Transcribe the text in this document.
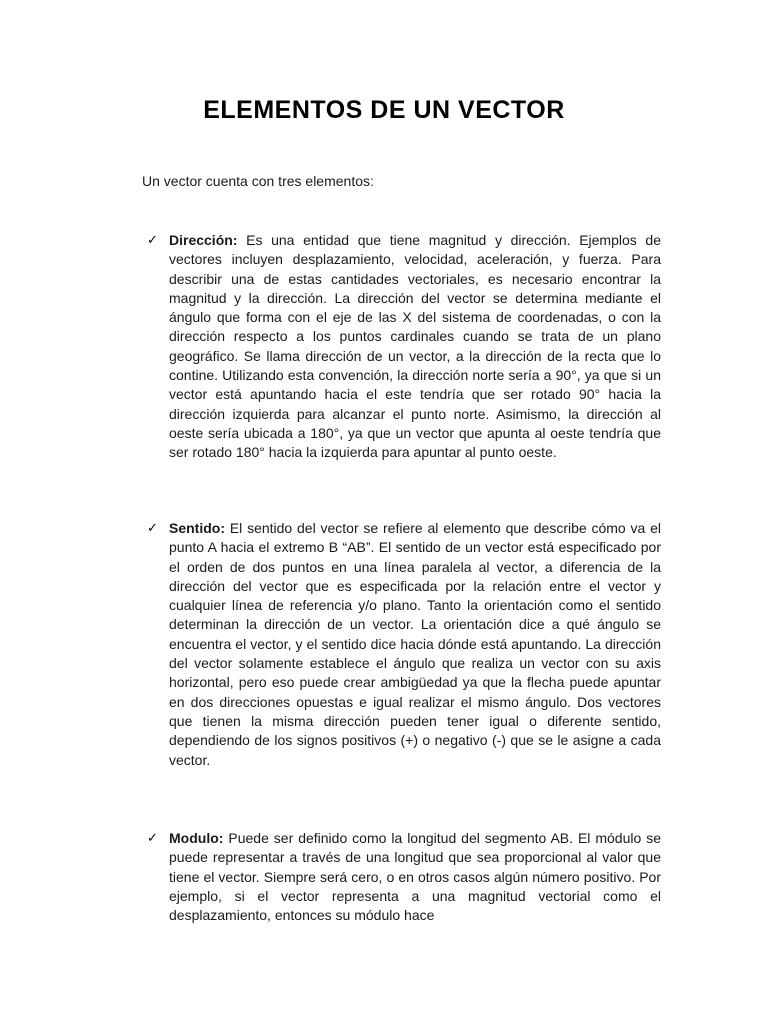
ELEMENTOS DE UN VECTOR

Un vector cuenta con tres elementos:

✓ Dirección: Es una entidad que tiene magnitud y dirección. Ejemplos de vectores incluyen desplazamiento, velocidad, aceleración, y fuerza. Para describir una de estas cantidades vectoriales, es necesario encontrar la magnitud y la dirección. La dirección del vector se determina mediante el ángulo que forma con el eje de las X del sistema de coordenadas, o con la dirección respecto a los puntos cardinales cuando se trata de un plano geográfico. Se llama dirección de un vector, a la dirección de la recta que lo contine. Utilizando esta convención, la dirección norte sería a 90°, ya que si un vector está apuntando hacia el este tendría que ser rotado 90° hacia la dirección izquierda para alcanzar el punto norte. Asimismo, la dirección al oeste sería ubicada a 180°, ya que un vector que apunta al oeste tendría que ser rotado 180° hacia la izquierda para apuntar al punto oeste.

✓ Sentido: El sentido del vector se refiere al elemento que describe cómo va el punto A hacia el extremo B “AB”. El sentido de un vector está especificado por el orden de dos puntos en una línea paralela al vector, a diferencia de la dirección del vector que es especificada por la relación entre el vector y cualquier línea de referencia y/o plano. Tanto la orientación como el sentido determinan la dirección de un vector. La orientación dice a qué ángulo se encuentra el vector, y el sentido dice hacia dónde está apuntando. La dirección del vector solamente establece el ángulo que realiza un vector con su axis horizontal, pero eso puede crear ambigüedad ya que la flecha puede apuntar en dos direcciones opuestas e igual realizar el mismo ángulo. Dos vectores que tienen la misma dirección pueden tener igual o diferente sentido, dependiendo de los signos positivos (+) o negativo (-) que se le asigne a cada vector.

✓ Modulo: Puede ser definido como la longitud del segmento AB. El módulo se puede representar a través de una longitud que sea proporcional al valor que tiene el vector. Siempre será cero, o en otros casos algún número positivo. Por ejemplo, si el vector representa a una magnitud vectorial como el desplazamiento, entonces su módulo hace
